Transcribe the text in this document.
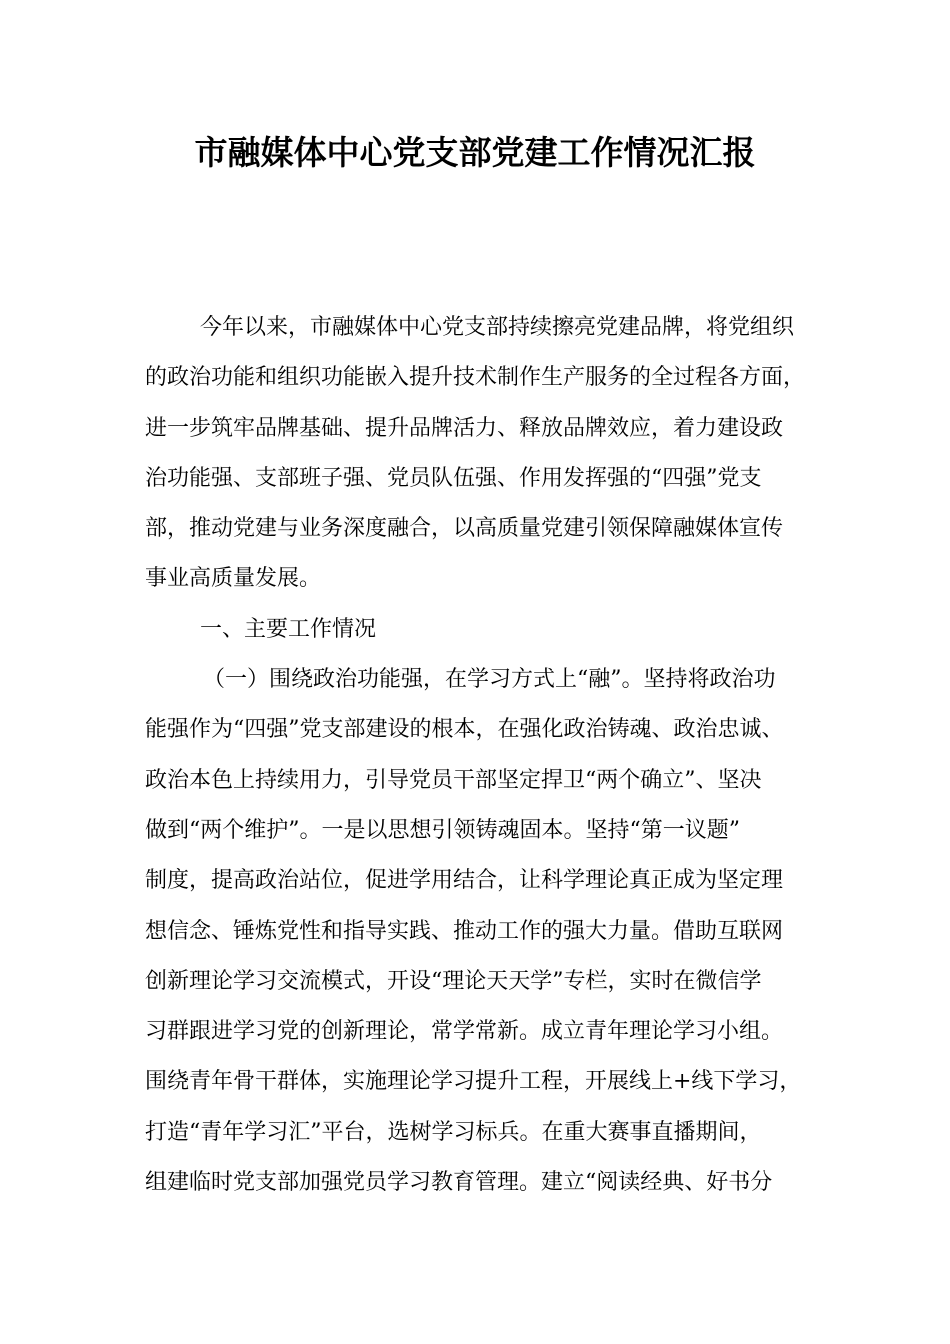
市融媒体中心党支部党建工作情况汇报
今年以来，市融媒体中心党支部持续擦亮党建品牌，将党组织
的政治功能和组织功能嵌入提升技术制作生产服务的全过程各方面，
进一步筑牢品牌基础、提升品牌活力、释放品牌效应，着力建设政
治功能强、支部班子强、党员队伍强、作用发挥强的“四强”党支
部，推动党建与业务深度融合，以高质量党建引领保障融媒体宣传
事业高质量发展。
一、主要工作情况
（一）围绕政治功能强，在学习方式上“融”。坚持将政治功
能强作为“四强”党支部建设的根本，在强化政治铸魂、政治忠诚、
政治本色上持续用力，引导党员干部坚定捍卫“两个确立”、坚决
做到“两个维护”。一是以思想引领铸魂固本。坚持“第一议题”
制度，提高政治站位，促进学用结合，让科学理论真正成为坚定理
想信念、锤炼党性和指导实践、推动工作的强大力量。借助互联网
创新理论学习交流模式，开设“理论天天学”专栏，实时在微信学
习群跟进学习党的创新理论，常学常新。成立青年理论学习小组。
围绕青年骨干群体，实施理论学习提升工程，开展线上+线下学习，
打造“青年学习汇”平台，选树学习标兵。在重大赛事直播期间，
组建临时党支部加强党员学习教育管理。建立“阅读经典、好书分
